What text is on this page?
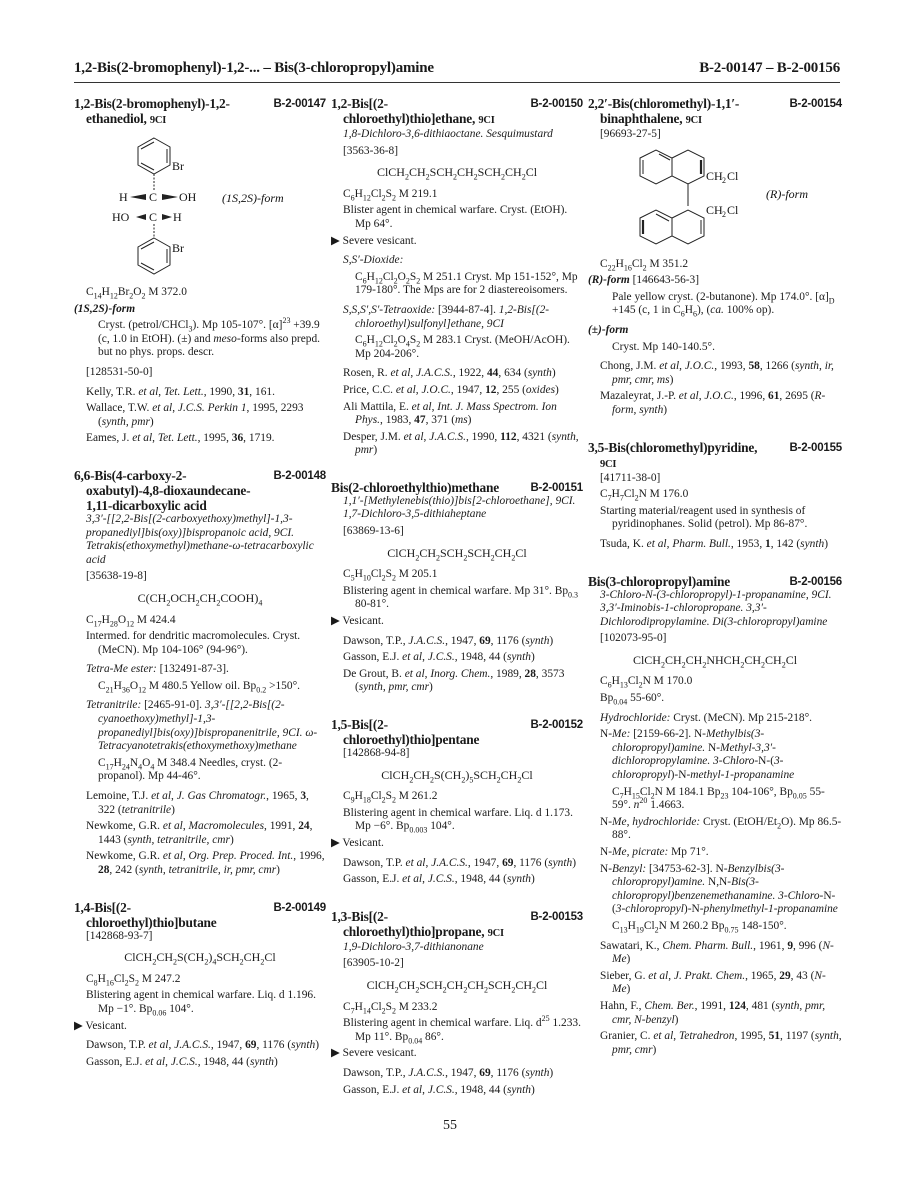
1,2-Bis(2-bromophenyl)-1,2-... – Bis(3-chloropropyl)amine	B-2-00147 – B-2-00156
1,2-Bis(2-bromophenyl)-1,2-ethanediol, 9CI
B-2-00147
Br
H C OH
HO C H
Br
(1S,2S)-form
$C_{14}H_{12}Br_2O_2$ M 372.0
(1S,2S)-form
Cryst. (petrol/CHCl$_3$). Mp 105-107°. $[\alpha]^{23} +39.9$ (c, 1.0 in EtOH). (±) and meso-forms also prepd. but no phys. props. descr.
[128531-50-0]
Kelly, T.R. et al, Tet. Lett., 1990, 31, 161.
Wallace, T.W. et al, J.C.S. Perkin 1, 1995, 2293 (synth, pmr)
Eames, J. et al, Tet. Lett., 1995, 36, 1719.
6,6-Bis(4-carboxy-2-oxabutyl)-4,8-dioxaundecane-1,11-dicarboxylic acid
B-2-00148
3,3′-[[2,2-Bis[(2-carboxyethoxy)methyl]-1,3-propanediyl]bis(oxy)]bispropanoic acid, 9CI. Tetrakis(ethoxymethyl)methane-ω-tetracarboxylic acid
[35638-19-8]
$C(CH_2OCH_2CH_2COOH)_4$
$C_{17}H_{28}O_{12}$ M 424.4
Intermed. for dendritic macromolecules. Cryst. (MeCN). Mp 104-106° (94-96°).
Tetra-Me ester: [132491-87-3].
$C_{21}H_{36}O_{12}$ M 480.5 Yellow oil. $Bp_{0.2} >150^\circ$.
Tetranitrile: [2465-91-0]. 3,3′-[[2,2-Bis[(2-cyanoethoxy)methyl]-1,3-propanediyl]bis(oxy)]bispropanenitrile, 9CI. ω-Tetracyanotetrakis(ethoxymethoxy)methane
$C_{17}H_{24}N_4O_4$ M 348.4 Needles, cryst. (2-propanol). Mp 44-46°.
Lemoine, T.J. et al, J. Gas Chromatogr., 1965, 3, 322 (tetranitrile)
Newkome, G.R. et al, Macromolecules, 1991, 24, 1443 (synth, tetranitrile, cmr)
Newkome, G.R. et al, Org. Prep. Proced. Int., 1996, 28, 242 (synth, tetranitrile, ir, pmr, cmr)
1,4-Bis[(2-chloroethyl)thio]butane
B-2-00149
[142868-93-7]
$ClCH_2CH_2S(CH_2)_4SCH_2CH_2Cl$
$C_8H_{16}Cl_2S_2$ M 247.2
Blistering agent in chemical warfare. Liq. d 1.196. Mp −1°. $Bp_{0.06}$ 104°.
▶ Vesicant.
Dawson, T.P. et al, J.A.C.S., 1947, 69, 1176 (synth)
Gasson, E.J. et al, J.C.S., 1948, 44 (synth)
1,2-Bis[(2-chloroethyl)thio]ethane, 9CI
B-2-00150
1,8-Dichloro-3,6-dithiaoctane. Sesquimustard
[3563-36-8]
$ClCH_2CH_2SCH_2CH_2SCH_2CH_2Cl$
$C_6H_{12}Cl_2S_2$ M 219.1
Blister agent in chemical warfare. Cryst. (EtOH). Mp 64°.
▶ Severe vesicant.
S,S′-Dioxide:
$C_6H_{12}Cl_2O_2S_2$ M 251.1 Cryst. Mp 151-152°, Mp 179-180°. The Mps are for 2 diastereoisomers.
S,S,S′,S′-Tetraoxide: [3944-87-4]. 1,2-Bis[(2-chloroethyl)sulfonyl]ethane, 9CI
$C_6H_{12}Cl_2O_4S_2$ M 283.1 Cryst. (MeOH/AcOH). Mp 204-206°.
Rosen, R. et al, J.A.C.S., 1922, 44, 634 (synth)
Price, C.C. et al, J.O.C., 1947, 12, 255 (oxides)
Ali Mattila, E. et al, Int. J. Mass Spectrom. Ion Phys., 1983, 47, 371 (ms)
Desper, J.M. et al, J.A.C.S., 1990, 112, 4321 (synth, pmr)
Bis(2-chloroethylthio)methane	B-2-00151
1,1′-[Methylenebis(thio)]bis[2-chloroethane], 9CI. 1,7-Dichloro-3,5-dithiaheptane
[63869-13-6]
$ClCH_2CH_2SCH_2SCH_2CH_2Cl$
$C_5H_{10}Cl_2S_2$ M 205.1
Blistering agent in chemical warfare. Mp 31°. $Bp_{0.3}$ 80-81°.
▶ Vesicant.
Dawson, T.P., J.A.C.S., 1947, 69, 1176 (synth)
Gasson, E.J. et al, J.C.S., 1948, 44 (synth)
De Grout, B. et al, Inorg. Chem., 1989, 28, 3573 (synth, pmr, cmr)
1,5-Bis[(2-chloroethyl)thio]pentane
B-2-00152
[142868-94-8]
$ClCH_2CH_2S(CH_2)_5SCH_2CH_2Cl$
$C_9H_{18}Cl_2S_2$ M 261.2
Blistering agent in chemical warfare. Liq. d 1.173. Mp −6°. $Bp_{0.003}$ 104°.
▶ Vesicant.
Dawson, T.P. et al, J.A.C.S., 1947, 69, 1176 (synth)
Gasson, E.J. et al, J.C.S., 1948, 44 (synth)
1,3-Bis[(2-chloroethyl)thio]propane, 9CI
B-2-00153
1,9-Dichloro-3,7-dithianonane
[63905-10-2]
$ClCH_2CH_2SCH_2CH_2CH_2SCH_2CH_2Cl$
$C_7H_{14}Cl_2S_2$ M 233.2
Blistering agent in chemical warfare. Liq. $d^{25}$ 1.233. Mp 11°. $Bp_{0.04}$ 86°.
▶ Severe vesicant.
Dawson, T.P., J.A.C.S., 1947, 69, 1176 (synth)
Gasson, E.J. et al, J.C.S., 1948, 44 (synth)
2,2′-Bis(chloromethyl)-1,1′-binaphthalene, 9CI
B-2-00154
[96693-27-5]
CH 2 Cl
CH 2 Cl
(R)-form
$C_{22}H_{16}Cl_2$ M 351.2
(R)-form [146643-56-3]
Pale yellow cryst. (2-butanone). Mp 174.0°. $[\alpha]_D +145$ (c, 1 in $C_6H_6$), (ca. 100% op).
(±)-form
Cryst. Mp 140-140.5°.
Chong, J.M. et al, J.O.C., 1993, 58, 1266 (synth, ir, pmr, cmr, ms)
Mazaleyrat, J.-P. et al, J.O.C., 1996, 61, 2695 (R-form, synth)
3,5-Bis(chloromethyl)pyridine, 9CI
B-2-00155
[41711-38-0]
$C_7H_7Cl_2N$ M 176.0
Starting material/reagent used in synthesis of pyridinophanes. Solid (petrol). Mp 86-87°.
Tsuda, K. et al, Pharm. Bull., 1953, 1, 142 (synth)
Bis(3-chloropropyl)amine	B-2-00156
3-Chloro-N-(3-chloropropyl)-1-propanamine, 9CI. 3,3′-Iminobis-1-chloropropane. 3,3′-Dichlorodipropylamine. Di(3-chloropropyl)amine
[102073-95-0]
$ClCH_2CH_2CH_2NHCH_2CH_2CH_2Cl$
$C_6H_{13}Cl_2N$ M 170.0
$Bp_{0.04}$ 55-60°.
Hydrochloride: Cryst. (MeCN). Mp 215-218°.
N-Me: [2159-66-2]. N-Methylbis(3-chloropropyl)amine. N-Methyl-3,3′-dichloropropylamine. 3-Chloro-N-(3-chloropropyl)-N-methyl-1-propanamine
$C_7H_{15}Cl_2N$ M 184.1 $Bp_{23}$ 104-106°, $Bp_{0.05}$ 55-59°. $n^{20}$ 1.4663.
N-Me, hydrochloride: Cryst. $(EtOH/Et_2O)$. Mp 86.5-88°.
N-Me, picrate: Mp 71°.
N-Benzyl: [34753-62-3]. N-Benzylbis(3-chloropropyl)amine. N,N-Bis(3-chloropropyl)benzenemethanamine. 3-Chloro-N-(3-chloropropyl)-N-phenylmethyl-1-propanamine
$C_{13}H_{19}Cl_2N$ M 260.2 $Bp_{0.75}$ 148-150°.
Sawatari, K., Chem. Pharm. Bull., 1961, 9, 996 (N-Me)
Sieber, G. et al, J. Prakt. Chem., 1965, 29, 43 (N-Me)
Hahn, F., Chem. Ber., 1991, 124, 481 (synth, pmr, cmr, N-benzyl)
Granier, C. et al, Tetrahedron, 1995, 51, 1197 (synth, pmr, cmr)
55
